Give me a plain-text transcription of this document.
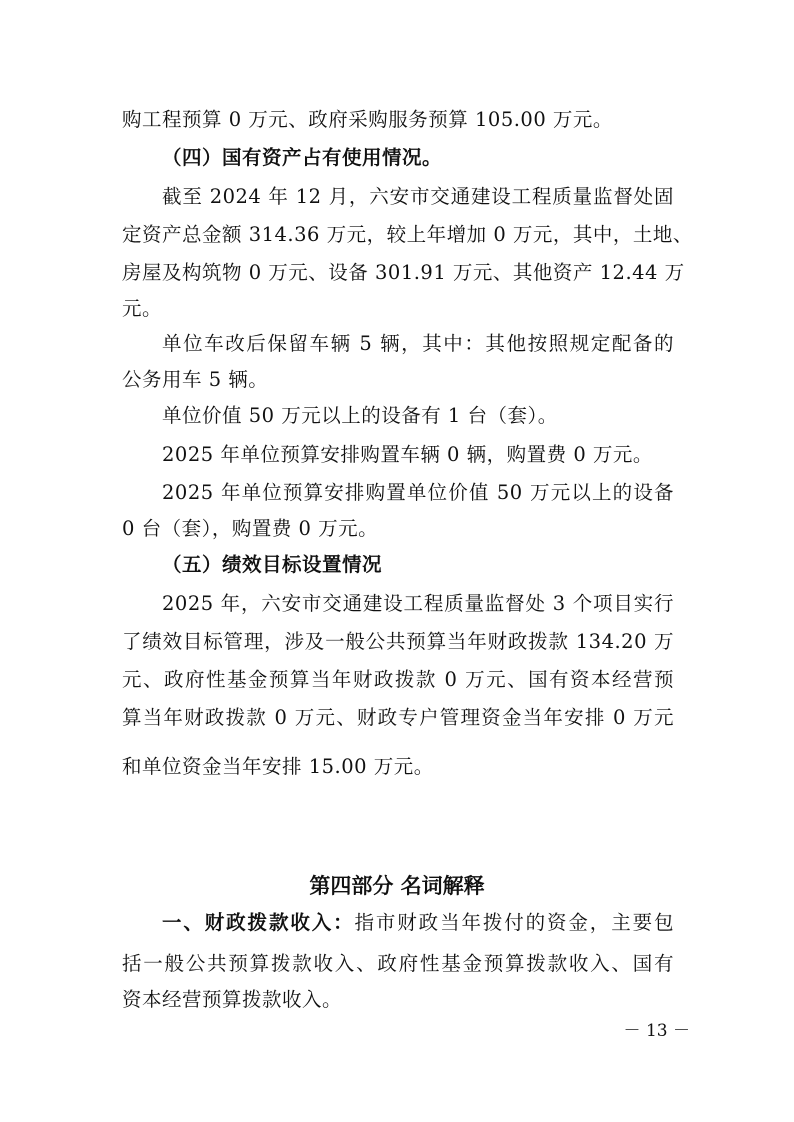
购工程预算 0 万元、政府采购服务预算 105.00 万元。
（四）国有资产占有使用情况。
截至 2024 年 12 月，六安市交通建设工程质量监督处固
定资产总金额 314.36 万元，较上年增加 0 万元，其中，土地、
房屋及构筑物 0 万元、设备 301.91 万元、其他资产 12.44 万
元。
单位车改后保留车辆 5 辆，其中：其他按照规定配备的
公务用车 5 辆。
单位价值 50 万元以上的设备有 1 台（套）。
2025 年单位预算安排购置车辆 0 辆，购置费 0 万元。
2025 年单位预算安排购置单位价值 50 万元以上的设备
0 台（套），购置费 0 万元。
（五）绩效目标设置情况
2025 年，六安市交通建设工程质量监督处 3 个项目实行
了绩效目标管理，涉及一般公共预算当年财政拨款 134.20 万
元、政府性基金预算当年财政拨款 0 万元、国有资本经营预
算当年财政拨款 0 万元、财政专户管理资金当年安排 0 万元
和单位资金当年安排 15.00 万元。
第四部分 名词解释
一、财政拨款收入：指市财政当年拨付的资金，主要包
括一般公共预算拨款收入、政府性基金预算拨款收入、国有
资本经营预算拨款收入。
－ 13 －
